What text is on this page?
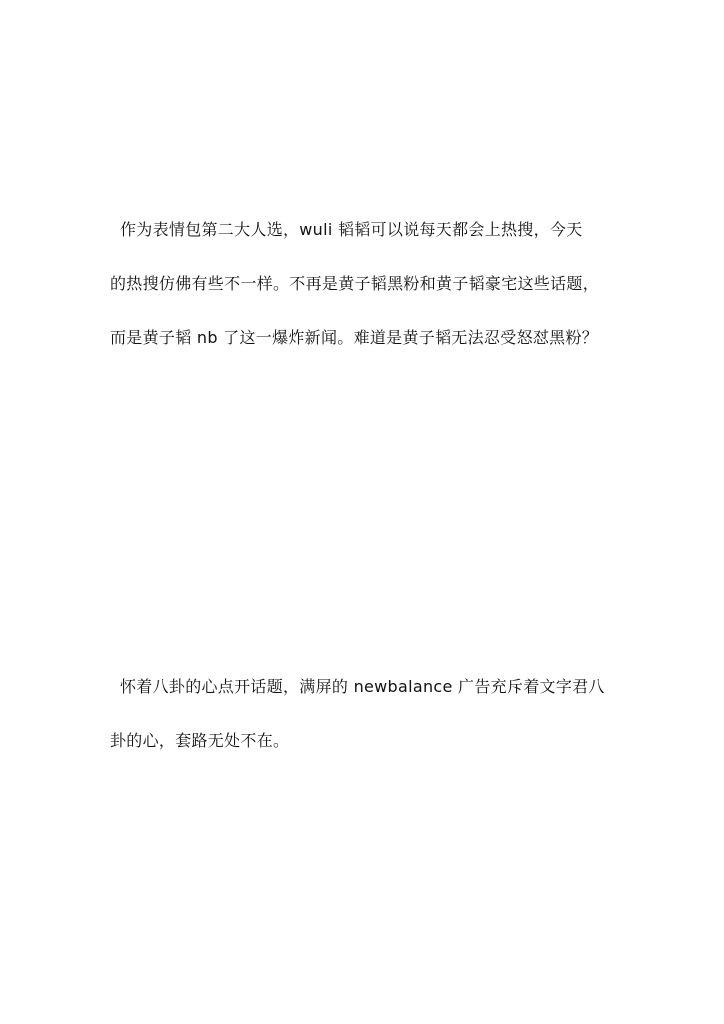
作为表情包第二大人选，wuli 韬韬可以说每天都会上热搜，今天
的热搜仿佛有些不一样。不再是黄子韬黑粉和黄子韬豪宅这些话题，
而是黄子韬 nb 了这一爆炸新闻。难道是黄子韬无法忍受怒怼黑粉？
怀着八卦的心点开话题，满屏的 newbalance 广告充斥着文字君八
卦的心，套路无处不在。
